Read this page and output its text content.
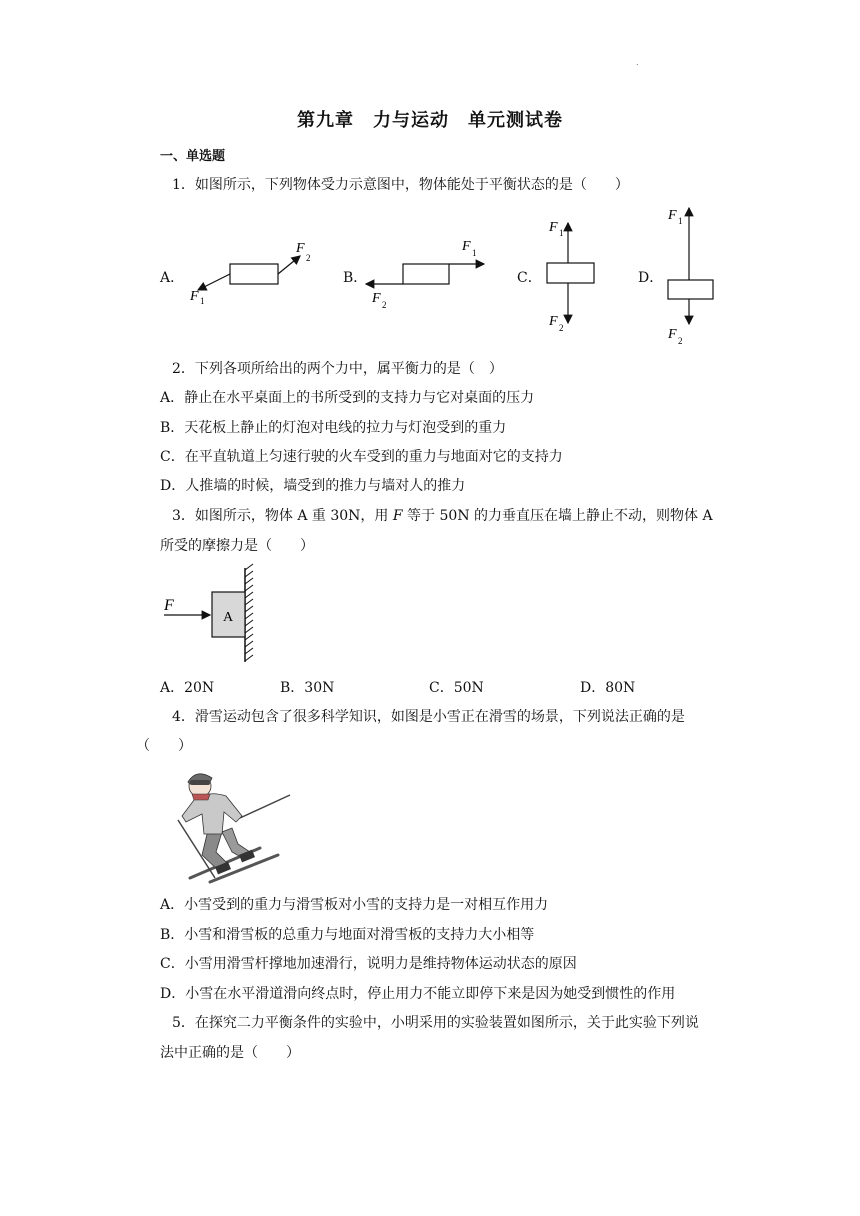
.
第九章　力与运动　单元测试卷
一、单选题
1．如图所示，下列物体受力示意图中，物体能处于平衡状态的是（　　）
A．	B．	C．	D．
F 1
F
2
F 1
F 2
F 1
F 2
F 1
F 2
2．下列各项所给出的两个力中，属平衡力的是（　）
A．静止在水平桌面上的书所受到的支持力与它对桌面的压力
B．天花板上静止的灯泡对电线的拉力与灯泡受到的重力
C．在平直轨道上匀速行驶的火车受到的重力与地面对它的支持力
D．人推墙的时候，墙受到的推力与墙对人的推力
3．如图所示，物体 A 重 30N，用 F 等于 50N 的力垂直压在墙上静止不动，则物体 A
所受的摩擦力是（　　）
A
F
A．20N	B．30N	C．50N	D．80N
4．滑雪运动包含了很多科学知识，如图是小雪正在滑雪的场景，下列说法正确的是
（　　）
A．小雪受到的重力与滑雪板对小雪的支持力是一对相互作用力
B．小雪和滑雪板的总重力与地面对滑雪板的支持力大小相等
C．小雪用滑雪杆撑地加速滑行，说明力是维持物体运动状态的原因
D．小雪在水平滑道滑向终点时，停止用力不能立即停下来是因为她受到惯性的作用
5．在探究二力平衡条件的实验中，小明采用的实验装置如图所示，关于此实验下列说
法中正确的是（　　）
